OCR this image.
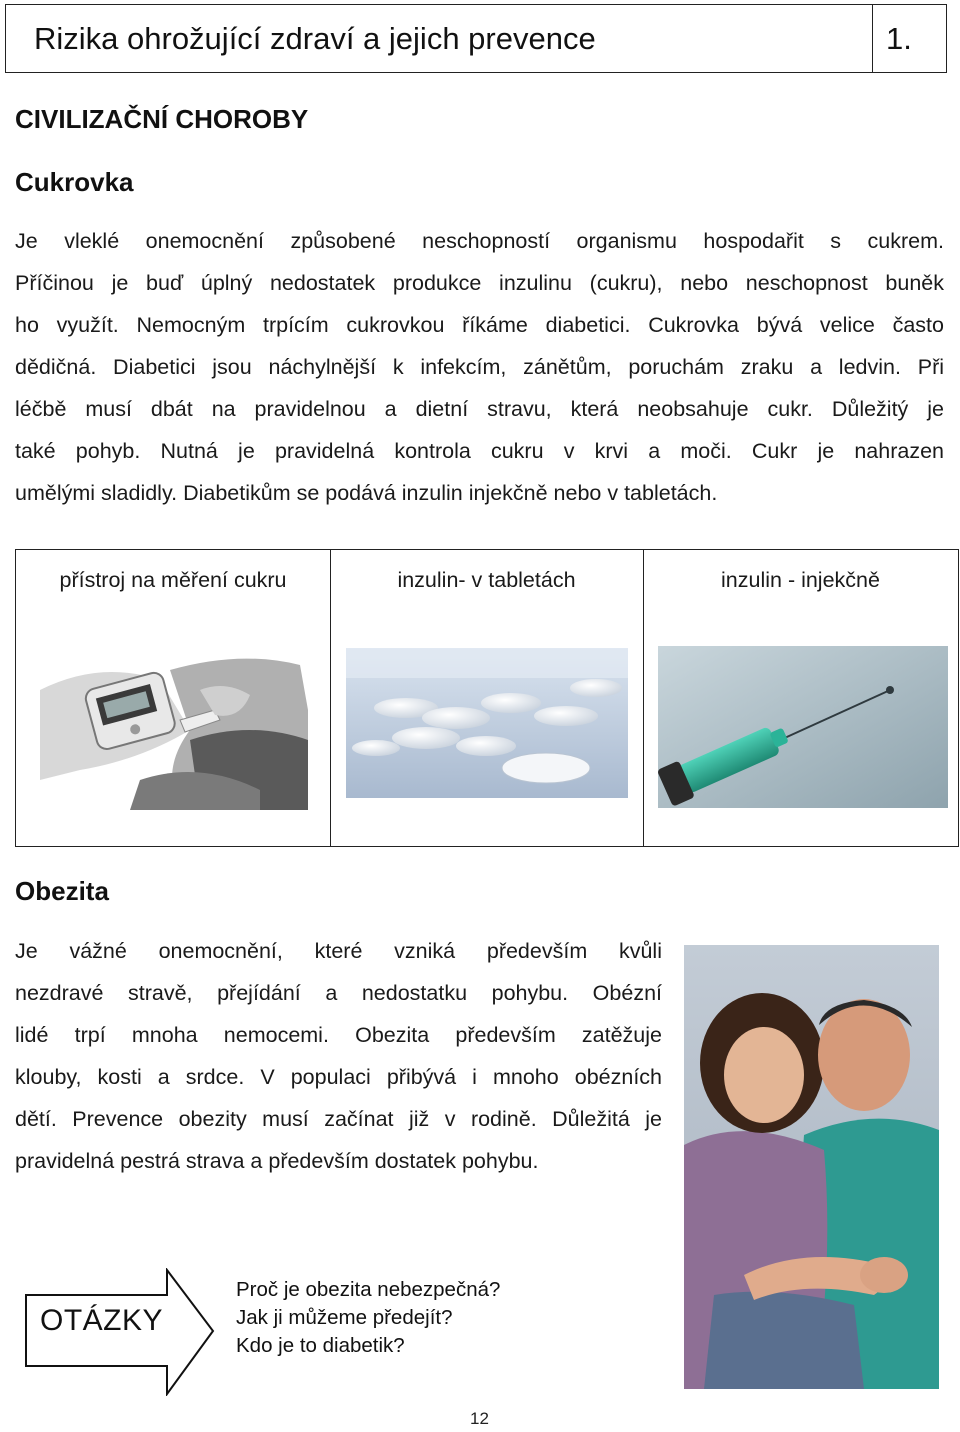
Rizika ohrožující zdraví a jejich prevence	1.
CIVILIZAČNÍ CHOROBY
Cukrovka
Je vleklé onemocnění způsobené neschopností organismu hospodařit s cukrem.
Příčinou je buď úplný nedostatek produkce inzulinu (cukru), nebo neschopnost buněk
ho využít. Nemocným trpícím cukrovkou říkáme diabetici. Cukrovka bývá velice často
dědičná. Diabetici jsou náchylnější k infekcím, zánětům, poruchám zraku a ledvin. Při
léčbě musí dbát na pravidelnou a dietní stravu, která neobsahuje cukr. Důležitý je
také pohyb. Nutná je pravidelná kontrola cukru v krvi a moči. Cukr je nahrazen
umělými sladidly. Diabetikům se podává inzulin injekčně nebo v tabletách.
přístroj na měření cukru	inzulin- v tabletách	inzulin - injekčně
Obezita
Je vážné onemocnění, které vzniká především kvůli
nezdravé stravě, přejídání a nedostatku pohybu. Obézní
lidé trpí mnoha nemocemi. Obezita především zatěžuje
klouby, kosti a srdce. V populaci přibývá i mnoho obézních
dětí. Prevence obezity musí začínat již v rodině. Důležitá je
pravidelná pestrá strava a především dostatek pohybu.
OTÁZKY
Proč je obezita nebezpečná?
Jak ji můžeme předejít?
Kdo je to diabetik?
12
